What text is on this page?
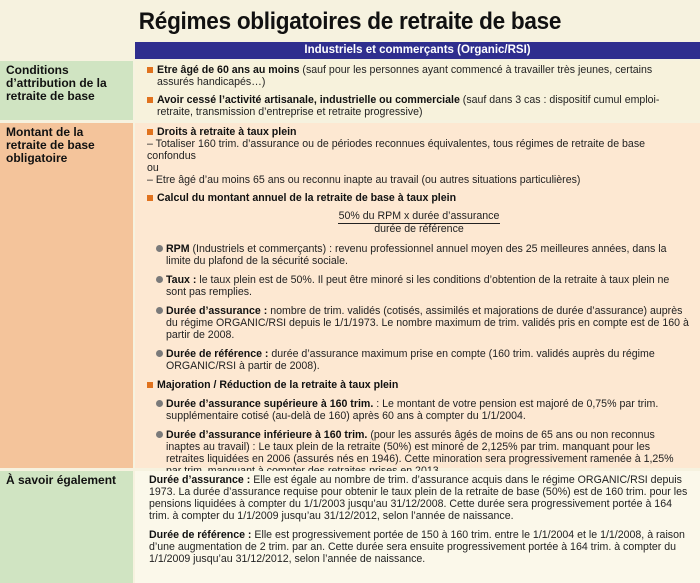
Régimes obligatoires de retraite de base
Industriels et commerçants (Organic/RSI)
Conditions d’attribution de la retraite de base
Etre âgé de 60 ans au moins (sauf pour les personnes ayant commencé à travailler très jeunes, certains assurés handicapés…)
Avoir cessé l’activité artisanale, industrielle ou commerciale (sauf dans 3 cas : dispositif cumul emploi-retraite, transmission d’entreprise et retraite progressive)
Montant de la retraite de base obligatoire
Droits à retraite à taux plein
– Totaliser 160 trim. d’assurance ou de périodes reconnues équivalentes, tous régimes de retraite de base confondus
ou
– Etre âgé d’au moins 65 ans ou reconnu inapte au travail (ou autres situations particulières)
Calcul du montant annuel de la retraite de base à taux plein
50% du RPM x durée d’assurance
durée de référence
RPM (Industriels et commerçants) : revenu professionnel annuel moyen des 25 meilleures années, dans la limite du plafond de la sécurité sociale.
Taux : le taux plein est de 50%. Il peut être minoré si les conditions d’obtention de la retraite à taux plein ne sont pas remplies.
Durée d’assurance : nombre de trim. validés (cotisés, assimilés et majorations de durée d’assurance) auprès du régime ORGANIC/RSI depuis le 1/1/1973. Le nombre maximum de trim. validés pris en compte est de 160 à partir de 2008.
Durée de référence : durée d’assurance maximum prise en compte (160 trim. validés auprès du régime ORGANIC/RSI à partir de 2008).
Majoration / Réduction de la retraite à taux plein
Durée d’assurance supérieure à 160 trim. : Le montant de votre pension est majoré de 0,75% par trim. supplémentaire cotisé (au-delà de 160) après 60 ans à compter du 1/1/2004.
Durée d’assurance inférieure à 160 trim. (pour les assurés âgés de moins de 65 ans ou non reconnus inaptes au travail) : Le taux plein de la retraite (50%) est minoré de 2,125% par trim. manquant pour les retraites liquidées en 2006 (assurés nés en 1946). Cette minoration sera progressivement ramenée à 1,25%
À savoir également	Durée d’assurance : Elle est égale au nombre de trim. d’assurance acquis dans le régime ORGANIC/RSI depuis 1973. La durée d’assurance requise pour obtenir le taux plein de la retraite de base (50%) est de 160 trim. pour les pensions liquidées à compter du 1/1/2003 jusqu’au 31/12/2008. Cette durée sera progressivement portée à 164 trim. à compter du 1/1/2009 jusqu’au 31/12/2012, selon l’année de naissance.
Durée de référence : Elle est progressivement portée de 150 à 160 trim. entre le 1/1/2004 et le 1/1/2008, à raison d’une augmentation de 2 trim. par an. Cette durée sera ensuite progressivement portée à 164 trim. à compter du 1/1/2009 jusqu’au 31/12/2012, selon l’année de naissance.
